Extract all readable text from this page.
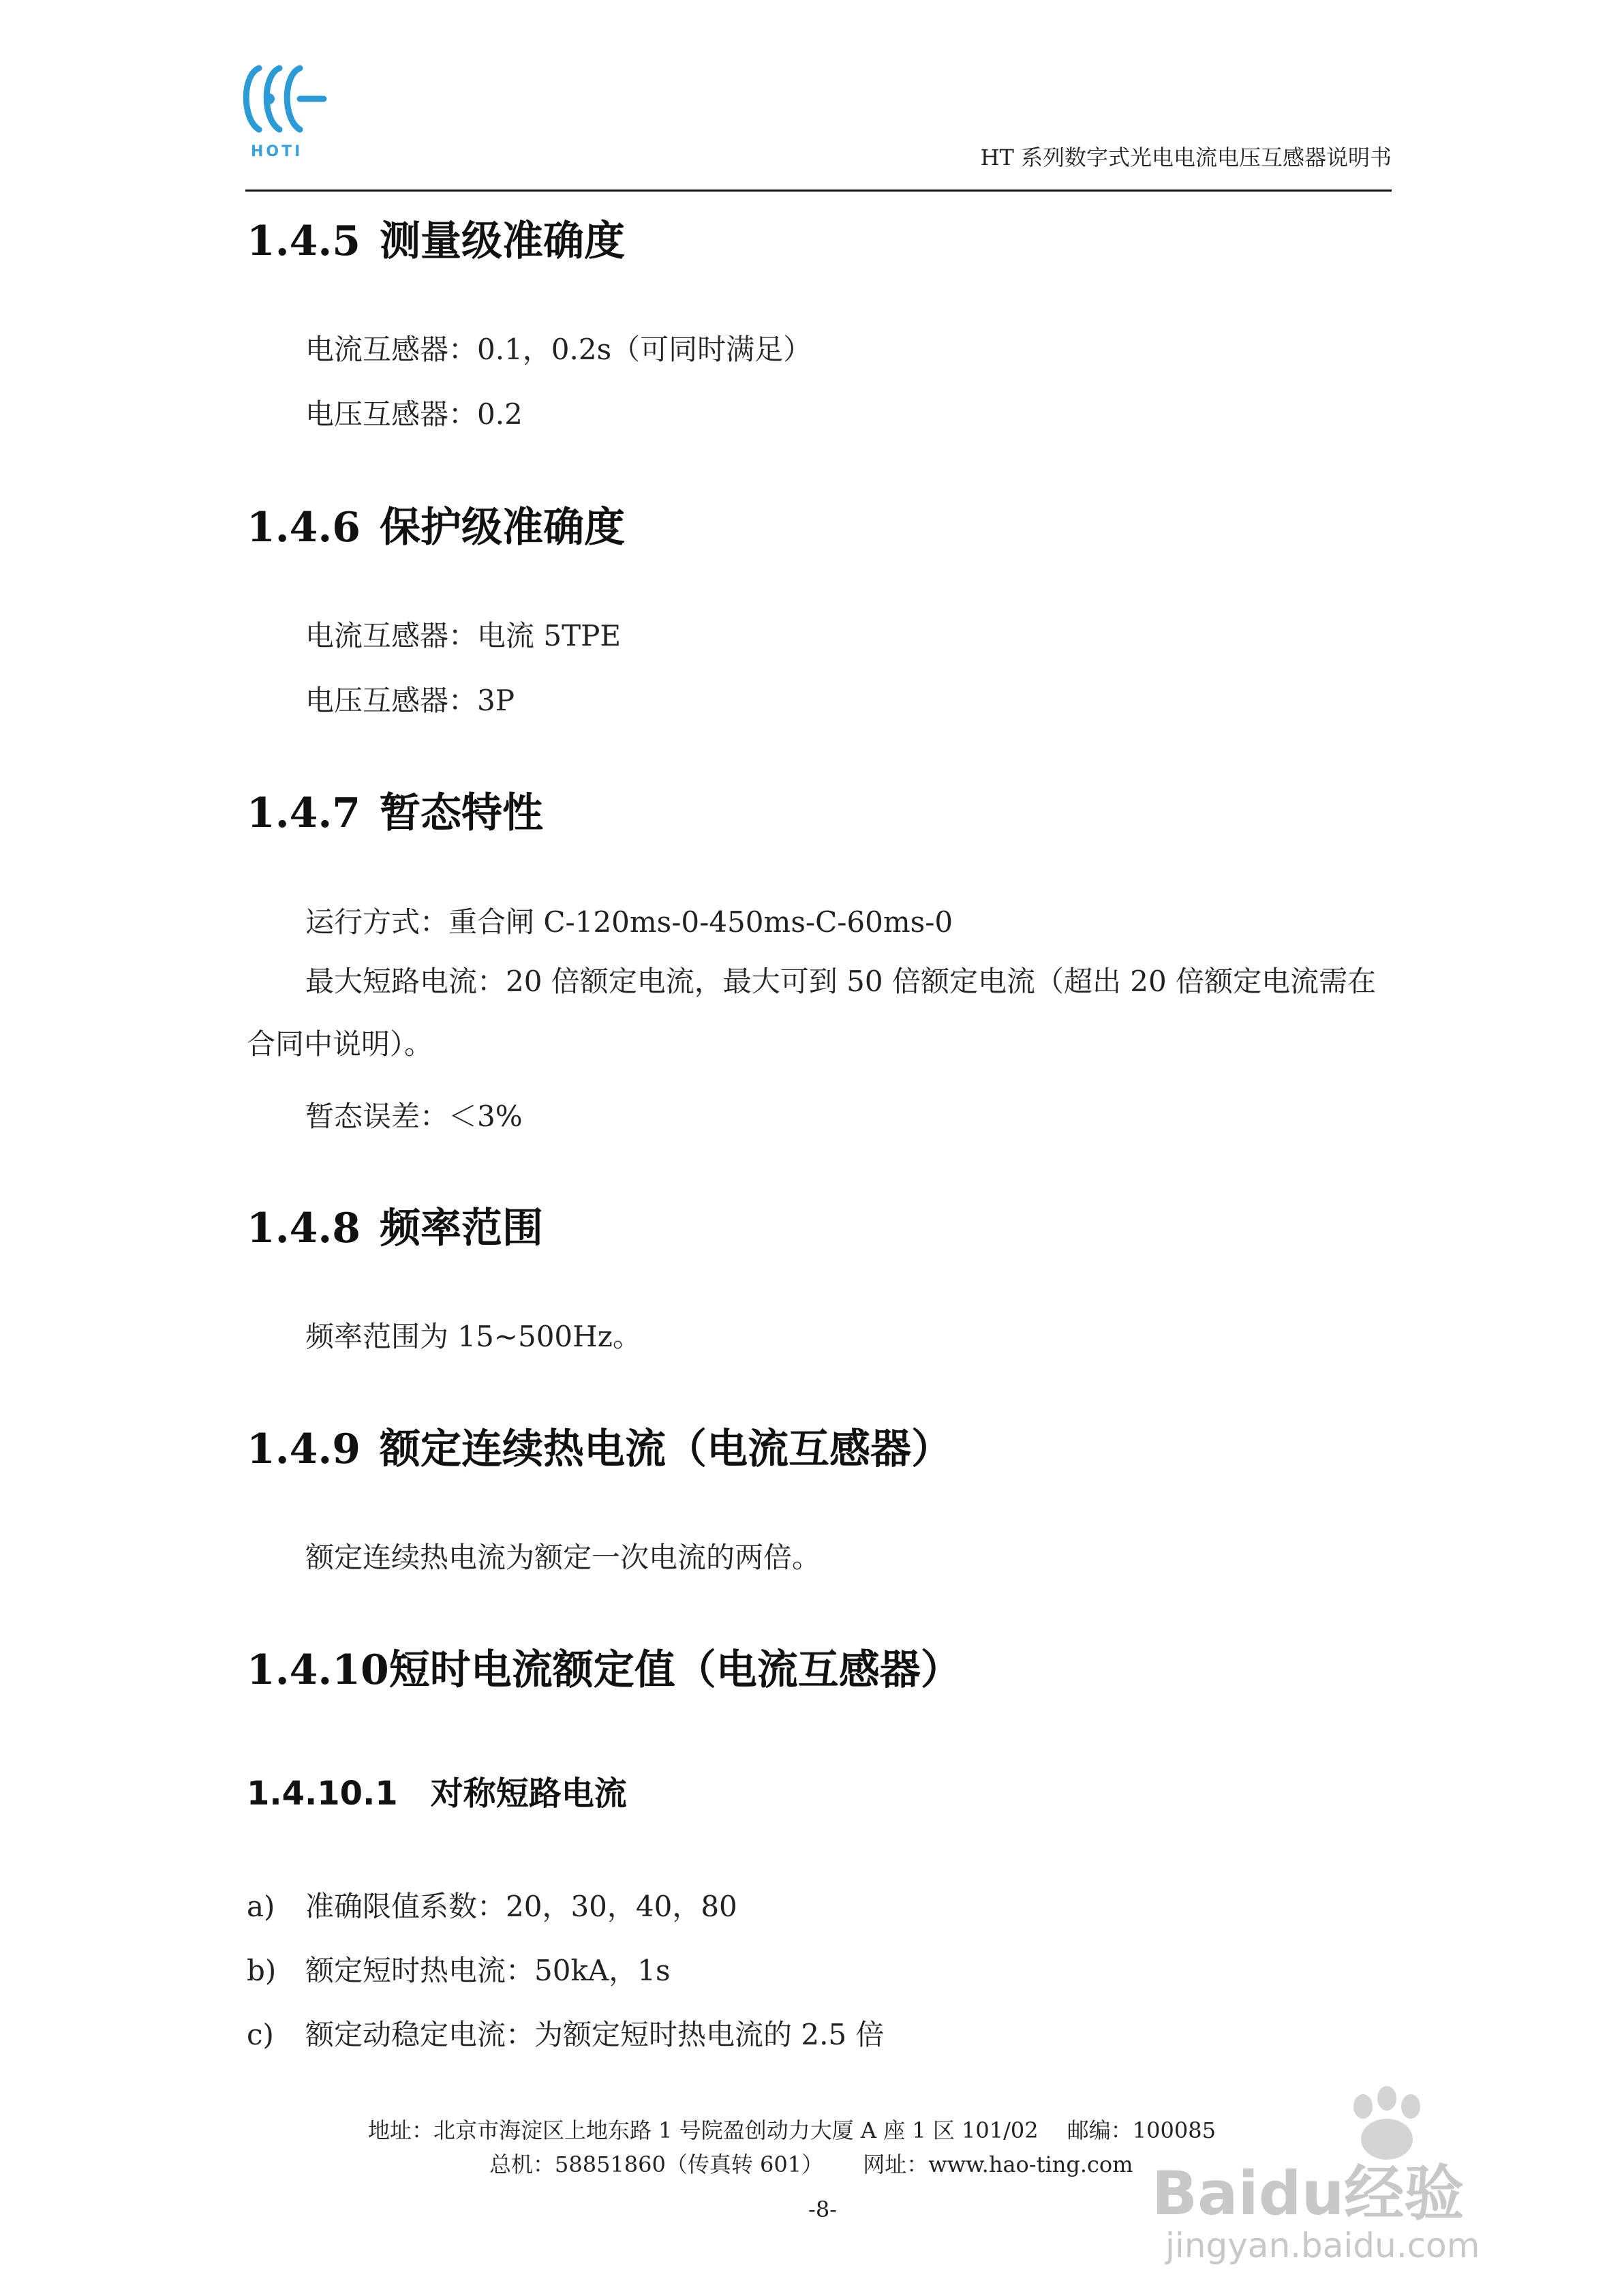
HOTI	HT 系列数字式光电电流电压互感器说明书
1.4.5 测量级准确度
电流互感器：0.1，0.2s（可同时满足）
电压互感器：0.2
1.4.6 保护级准确度
电流互感器：电流 5TPE
电压互感器：3P
1.4.7 暂态特性
运行方式：重合闸 C-120ms-0-450ms-C-60ms-0
最大短路电流：20 倍额定电流，最大可到 50 倍额定电流（超出 20 倍额定电流需在合同中说明）。
暂态误差：＜3%
1.4.8 频率范围
频率范围为 15~500Hz。
1.4.9 额定连续热电流（电流互感器）
额定连续热电流为额定一次电流的两倍。
1.4.10短时电流额定值（电流互感器）
1.4.10.1 对称短路电流
a) 准确限值系数：20，30，40，80
b) 额定短时热电流：50kA，1s
c) 额定动稳定电流：为额定短时热电流的 2.5 倍
地址：北京市海淀区上地东路 1 号院盈创动力大厦 A 座 1 区 101/02　 邮编：100085
总机：58851860（传真转 601）　　 网址：www.hao-ting.com
-8-	Baidu经验
jingyan.baidu.com
